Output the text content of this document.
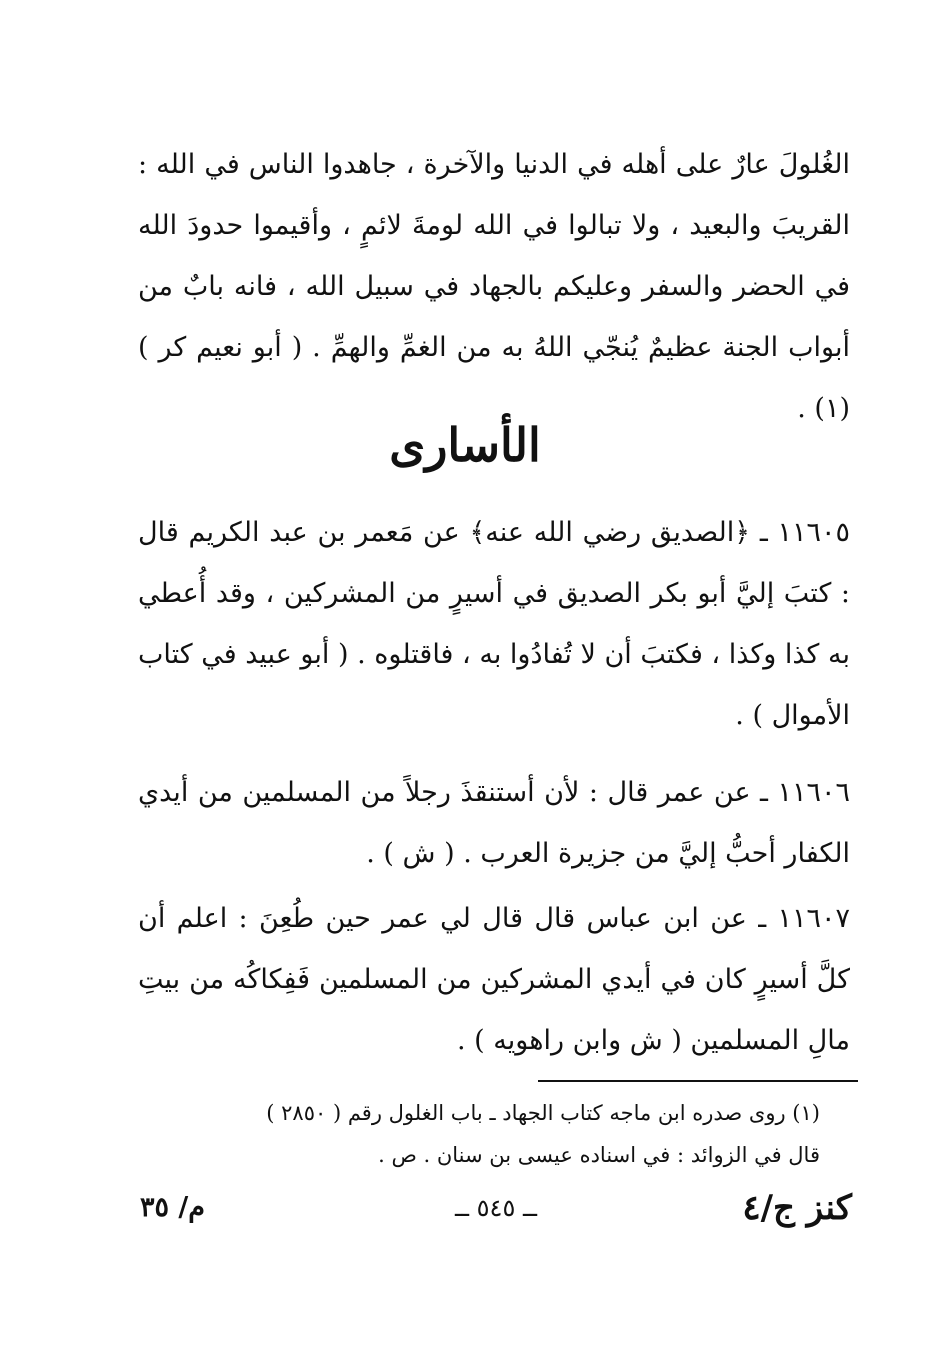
الغُلولَ عارٌ على أهله في الدنيا والآخرة ، جاهدوا الناس في الله : القريبَ والبعيد ، ولا تبالوا في الله لومةَ لائمٍ ، وأقيموا حدودَ الله في الحضر والسفر وعليكم بالجهاد في سبيل الله ، فانه بابٌ من أبواب الجنة عظيمٌ يُنجّي اللهُ به من الغمِّ والهمِّ . ( أبو نعيم كر ) (١) .
الأسارى

١١٦٠٥ ـ ﴿الصديق رضي الله عنه﴾ عن مَعمر بن عبد الكريم قال : كتبَ إليَّ أبو بكر الصديق في أسيرٍ من المشركين ، وقد أُعطي به كذا وكذا ، فكتبَ أن لا تُفادُوا به ، فاقتلوه . ( أبو عبيد في كتاب الأموال ) .

١١٦٠٦ ـ عن عمر قال : لأن أستنقذَ رجلاً من المسلمين من أيدي الكفار أحبُّ إليَّ من جزيرة العرب . ( ش ) .

١١٦٠٧ ـ عن ابن عباس قال قال لي عمر حين طُعِنَ : اعلم أن كلَّ أسيرٍ كان في أيدي المشركين من المسلمين فَفِكاكُه من بيتِ مالِ المسلمين ( ش وابن راهويه ) .

(١) روى صدره ابن ماجه كتاب الجهاد ـ باب الغلول رقم ( ٢٨٥٠ )

قال في الزوائد : في اسناده عيسى بن سنان . ص .

كنز ج/٤
ــ ٥٤٥ ــ
م/ ٣٥
